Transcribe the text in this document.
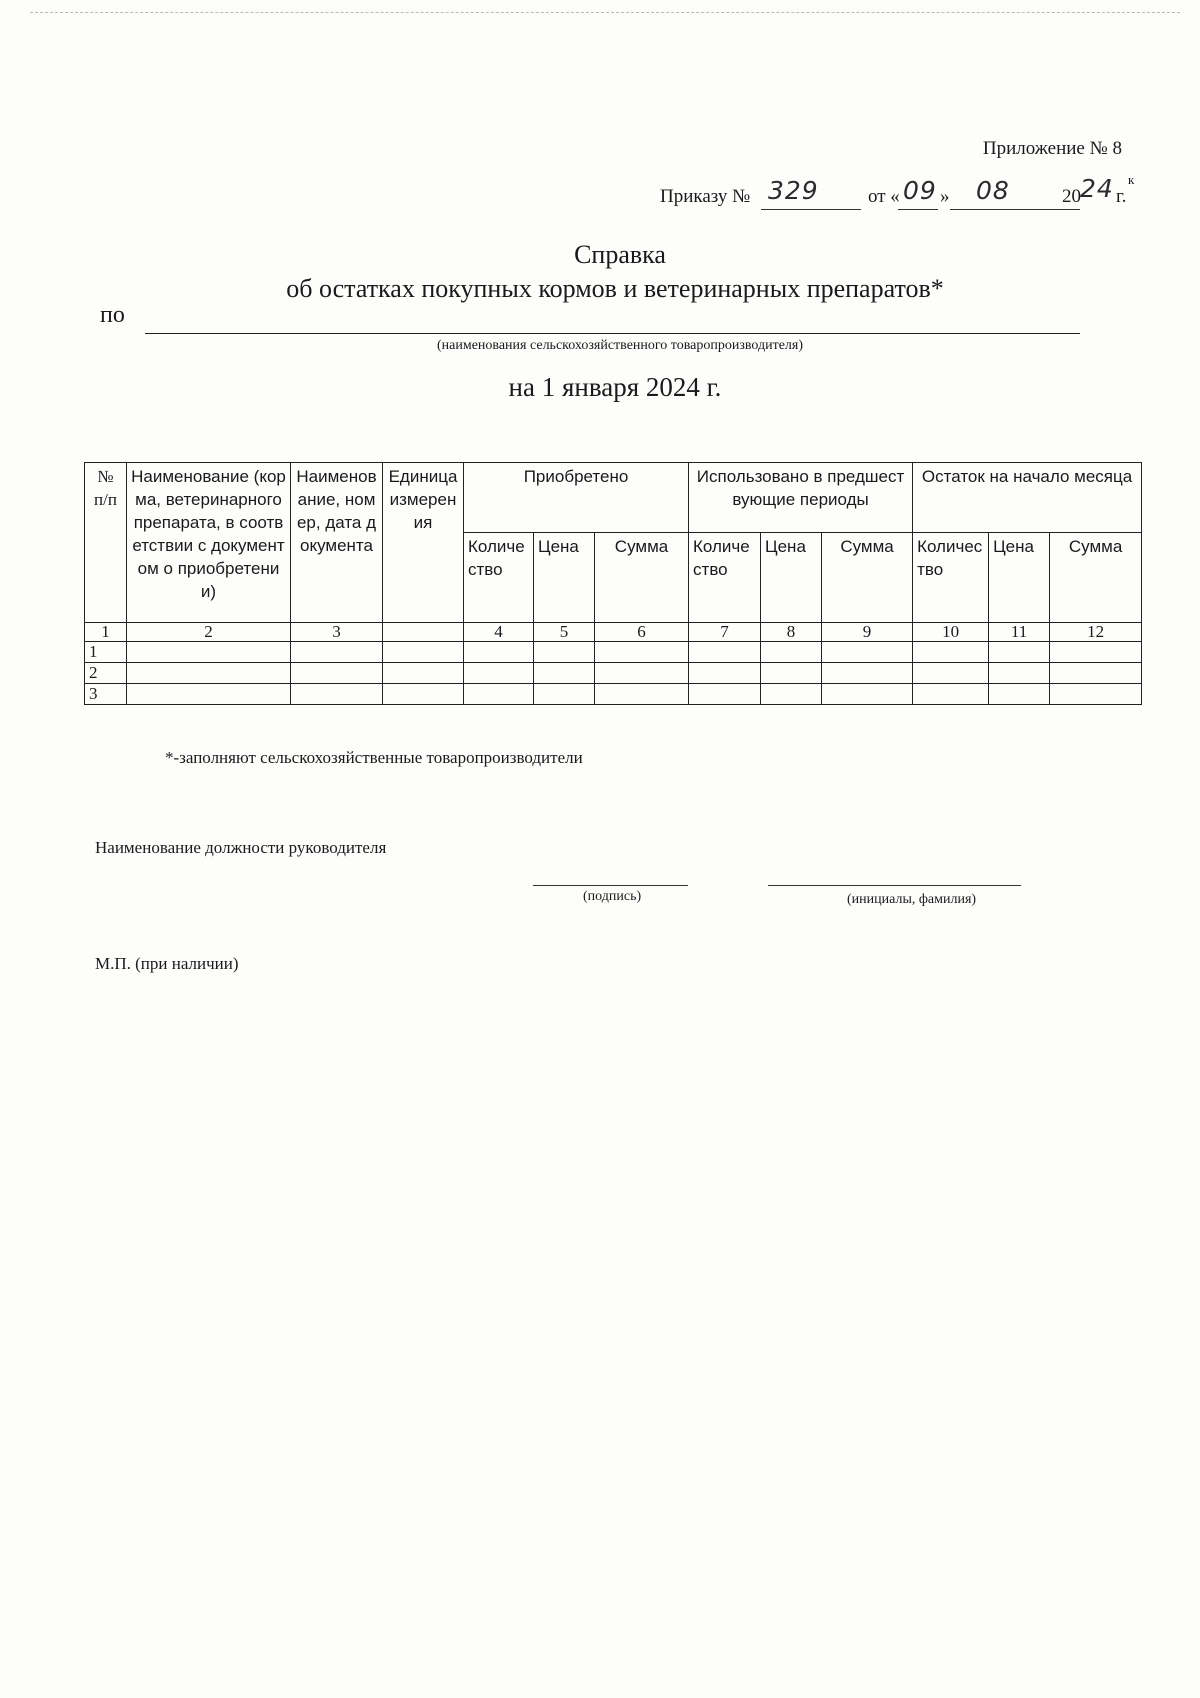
Приложение № 8
Приказу № 329	от « 09 » 08	20 24 к
г.
Справка
об остатках покупных кормов и ветеринарных препаратов*
по
(наименования сельскохозяйственного товаропроизводителя)
на 1 января 2024 г.
№ п/п	Наименование (корма, ветеринарного препарата, в соответствии с документом о приобретении)	Наименование, номер, дата документа	Единица измерения	Приобретено			Использовано в предшествующие периоды			Остаток на начало месяца		
				Количество	Цена	Сумма	Количество	Цена	Сумма	Количество	Цена	Сумма
1	2	3		4	5	6	7	8	9	10	11	12
1												
2												
3												
*-заполняют сельскохозяйственные товаропроизводители
Наименование должности руководителя
(подпись)	(инициалы, фамилия)
М.П. (при наличии)
